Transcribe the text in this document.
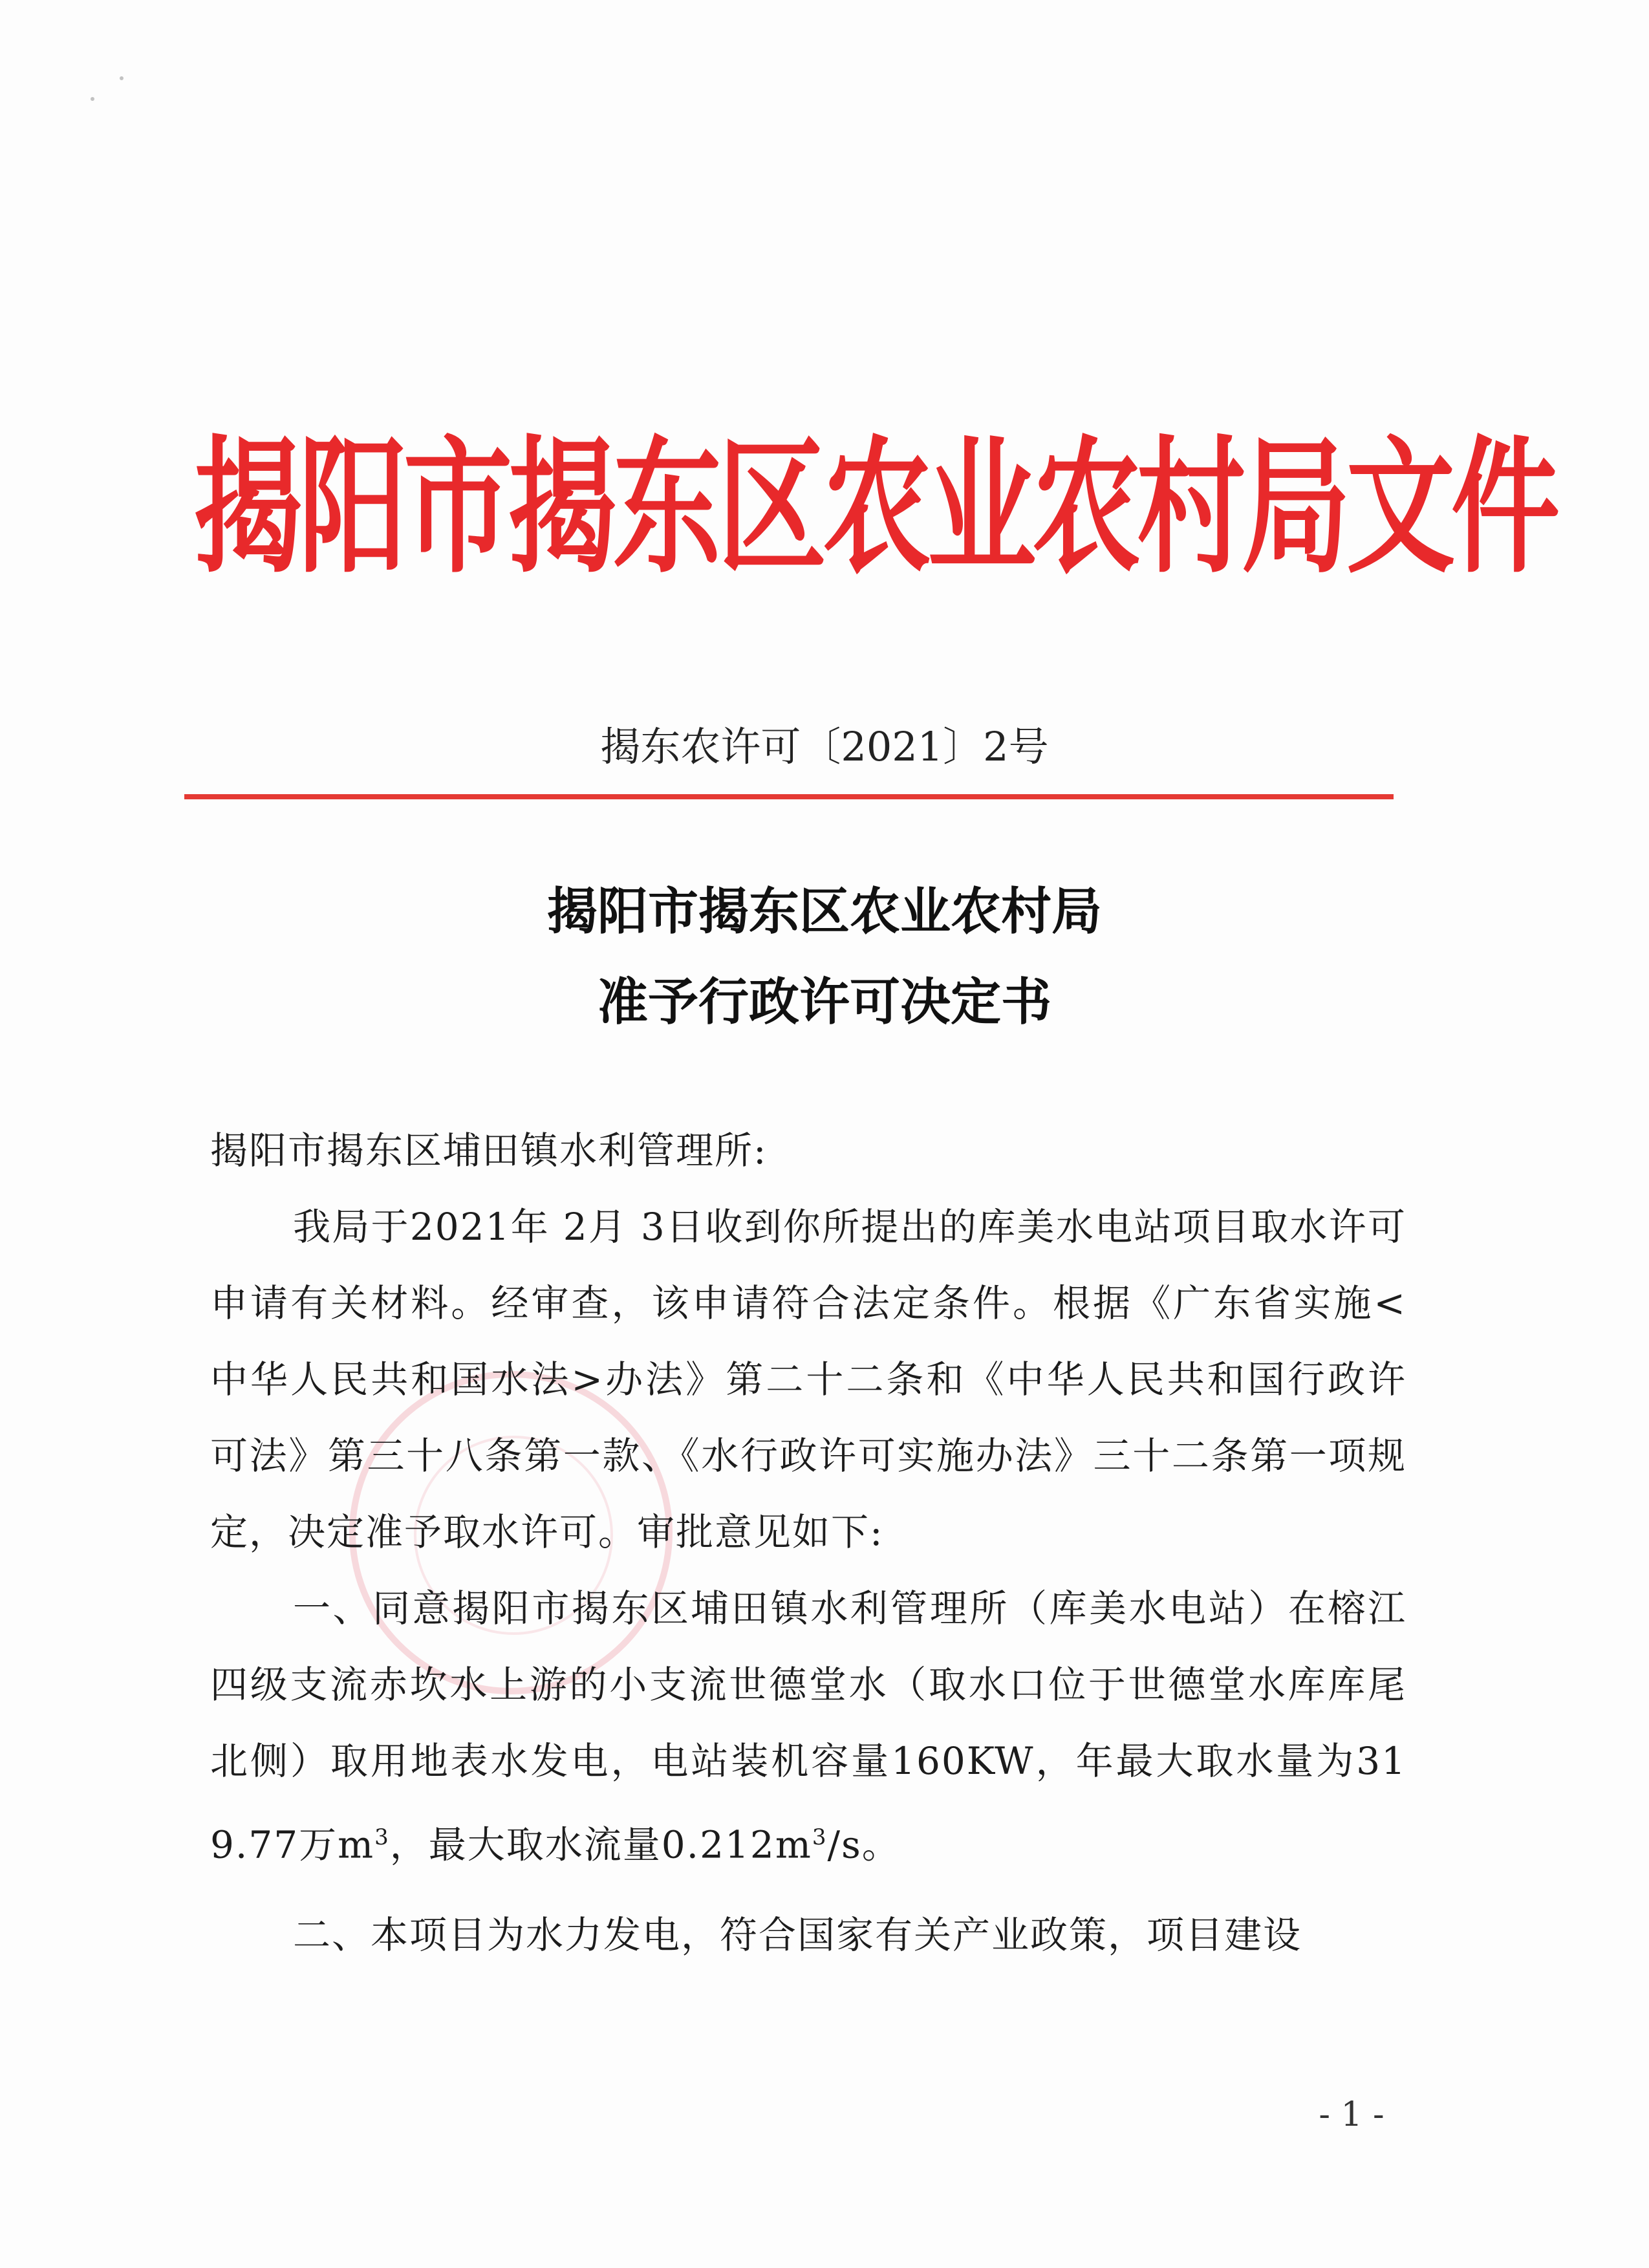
揭阳市揭东区农业农村局文件
揭东农许可〔2021〕2号
揭阳市揭东区农业农村局
准予行政许可决定书
揭阳市揭东区埔田镇水利管理所:
我局于2021年 2月 3日收到你所提出的库美水电站项目取水许可申请有关材料。经审查，该申请符合法定条件。根据《广东省实施<中华人民共和国水法>办法》第二十二条和《中华人民共和国行政许可法》第三十八条第一款、《水行政许可实施办法》三十二条第一项规定，决定准予取水许可。审批意见如下:
一、同意揭阳市揭东区埔田镇水利管理所（库美水电站）在榕江四级支流赤坎水上游的小支流世德堂水（取水口位于世德堂水库库尾北侧）取用地表水发电，电站装机容量160KW，年最大取水量为319.77万$m^3$，最大取水流量$0.212m^3/s$。
二、本项目为水力发电，符合国家有关产业政策，项目建设
- 1 -
